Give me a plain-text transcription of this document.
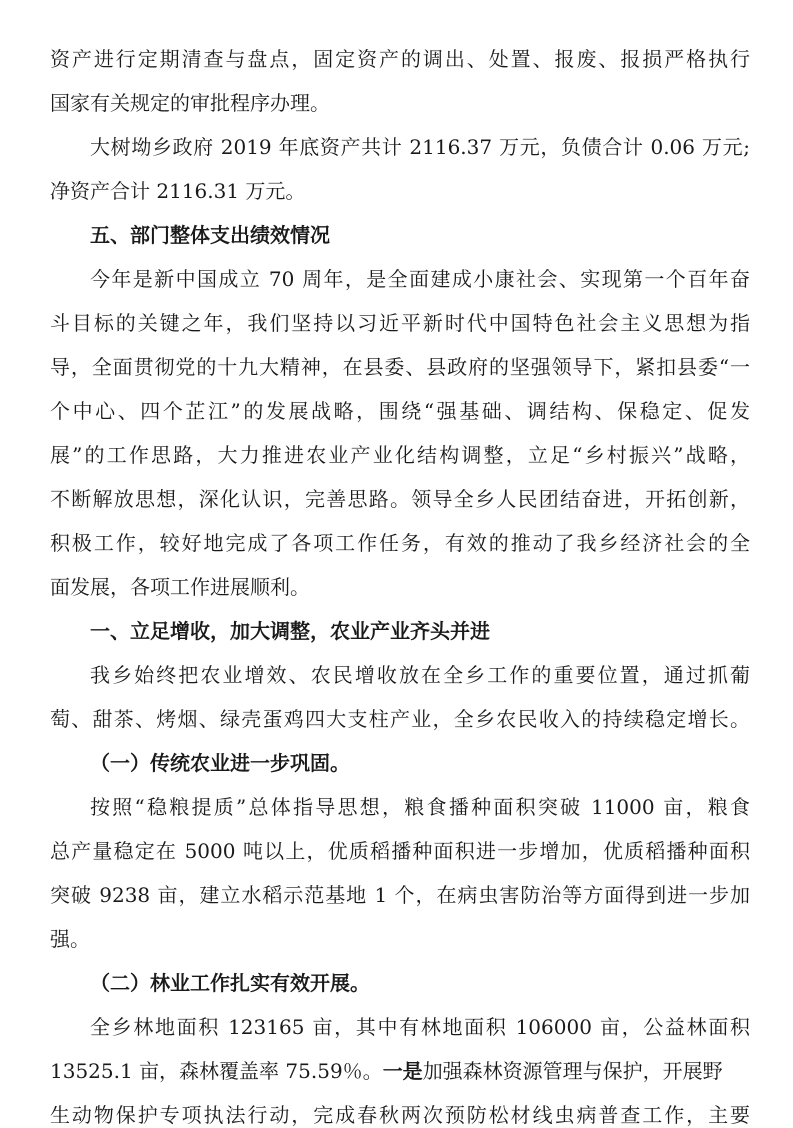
资产进行定期清查与盘点，固定资产的调出、处置、报废、报损严格执行
国家有关规定的审批程序办理。
大树坳乡政府 2019 年底资产共计 2116.37 万元，负债合计 0.06 万元;
净资产合计 2116.31 万元。
五、部门整体支出绩效情况
今年是新中国成立 70 周年，是全面建成小康社会、实现第一个百年奋
斗目标的关键之年，我们坚持以习近平新时代中国特色社会主义思想为指
导，全面贯彻党的十九大精神，在县委、县政府的坚强领导下，紧扣县委“一
个中心、四个芷江”的发展战略，围绕“强基础、调结构、保稳定、促发
展”的工作思路，大力推进农业产业化结构调整，立足“乡村振兴”战略，
不断解放思想，深化认识，完善思路。领导全乡人民团结奋进，开拓创新，
积极工作，较好地完成了各项工作任务，有效的推动了我乡经济社会的全
面发展，各项工作进展顺利。
一、立足增收，加大调整，农业产业齐头并进
我乡始终把农业增效、农民增收放在全乡工作的重要位置，通过抓葡
萄、甜茶、烤烟、绿壳蛋鸡四大支柱产业，全乡农民收入的持续稳定增长。
（一）传统农业进一步巩固。
按照“稳粮提质”总体指导思想，粮食播种面积突破 11000 亩，粮食
总产量稳定在 5000 吨以上，优质稻播种面积进一步增加，优质稻播种面积
突破 9238 亩，建立水稻示范基地 1 个，在病虫害防治等方面得到进一步加
强。
（二）林业工作扎实有效开展。
全乡林地面积 123165 亩，其中有林地面积 106000 亩，公益林面积
13525.1 亩，森林覆盖率 75.59％。一是加强森林资源管理与保护，开展野
生动物保护专项执法行动，完成春秋两次预防松材线虫病普查工作，主要
